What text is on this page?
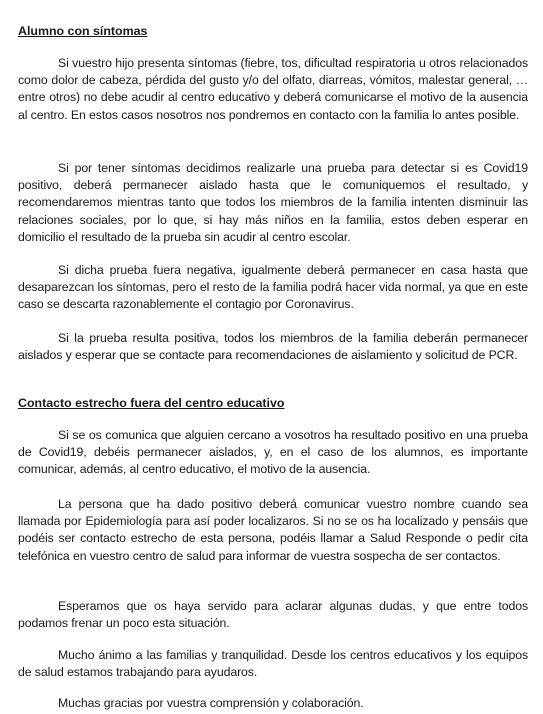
Alumno con síntomas

Si vuestro hijo presenta síntomas (fiebre, tos, dificultad respiratoria u otros relacionados como dolor de cabeza, pérdida del gusto y/o del olfato, diarreas, vómitos, malestar general, … entre otros) no debe acudir al centro educativo y deberá comunicarse el motivo de la ausencia al centro. En estos casos nosotros nos pondremos en contacto con la familia lo antes posible.

Si por tener síntomas decidimos realizarle una prueba para detectar si es Covid19 positivo, deberá permanecer aislado hasta que le comuniquemos el resultado, y recomendaremos mientras tanto que todos los miembros de la familia intenten disminuir las relaciones sociales, por lo que, si hay más niños en la familia, estos deben esperar en domicilio el resultado de la prueba sin acudir al centro escolar.

Si dicha prueba fuera negativa, igualmente deberá permanecer en casa hasta que desaparezcan los síntomas, pero el resto de la familia podrá hacer vida normal, ya que en este caso se descarta razonablemente el contagio por Coronavirus.

Si la prueba resulta positiva, todos los miembros de la familia deberán permanecer aislados y esperar que se contacte para recomendaciones de aislamiento y solicitud de PCR.

Contacto estrecho fuera del centro educativo

Si se os comunica que alguien cercano a vosotros ha resultado positivo en una prueba de Covid19, debéis permanecer aislados, y, en el caso de los alumnos, es importante comunicar, además, al centro educativo, el motivo de la ausencia.

La persona que ha dado positivo deberá comunicar vuestro nombre cuando sea llamada por Epidemiología para así poder localizaros. Si no se os ha localizado y pensáis que podéis ser contacto estrecho de esta persona, podéis llamar a Salud Responde o pedir cita telefónica en vuestro centro de salud para informar de vuestra sospecha de ser contactos.

Esperamos que os haya servido para aclarar algunas dudas, y que entre todos podamos frenar un poco esta situación.

Mucho ánimo a las familias y tranquilidad. Desde los centros educativos y los equipos de salud estamos trabajando para ayudaros.

Muchas gracias por vuestra comprensión y colaboración.
